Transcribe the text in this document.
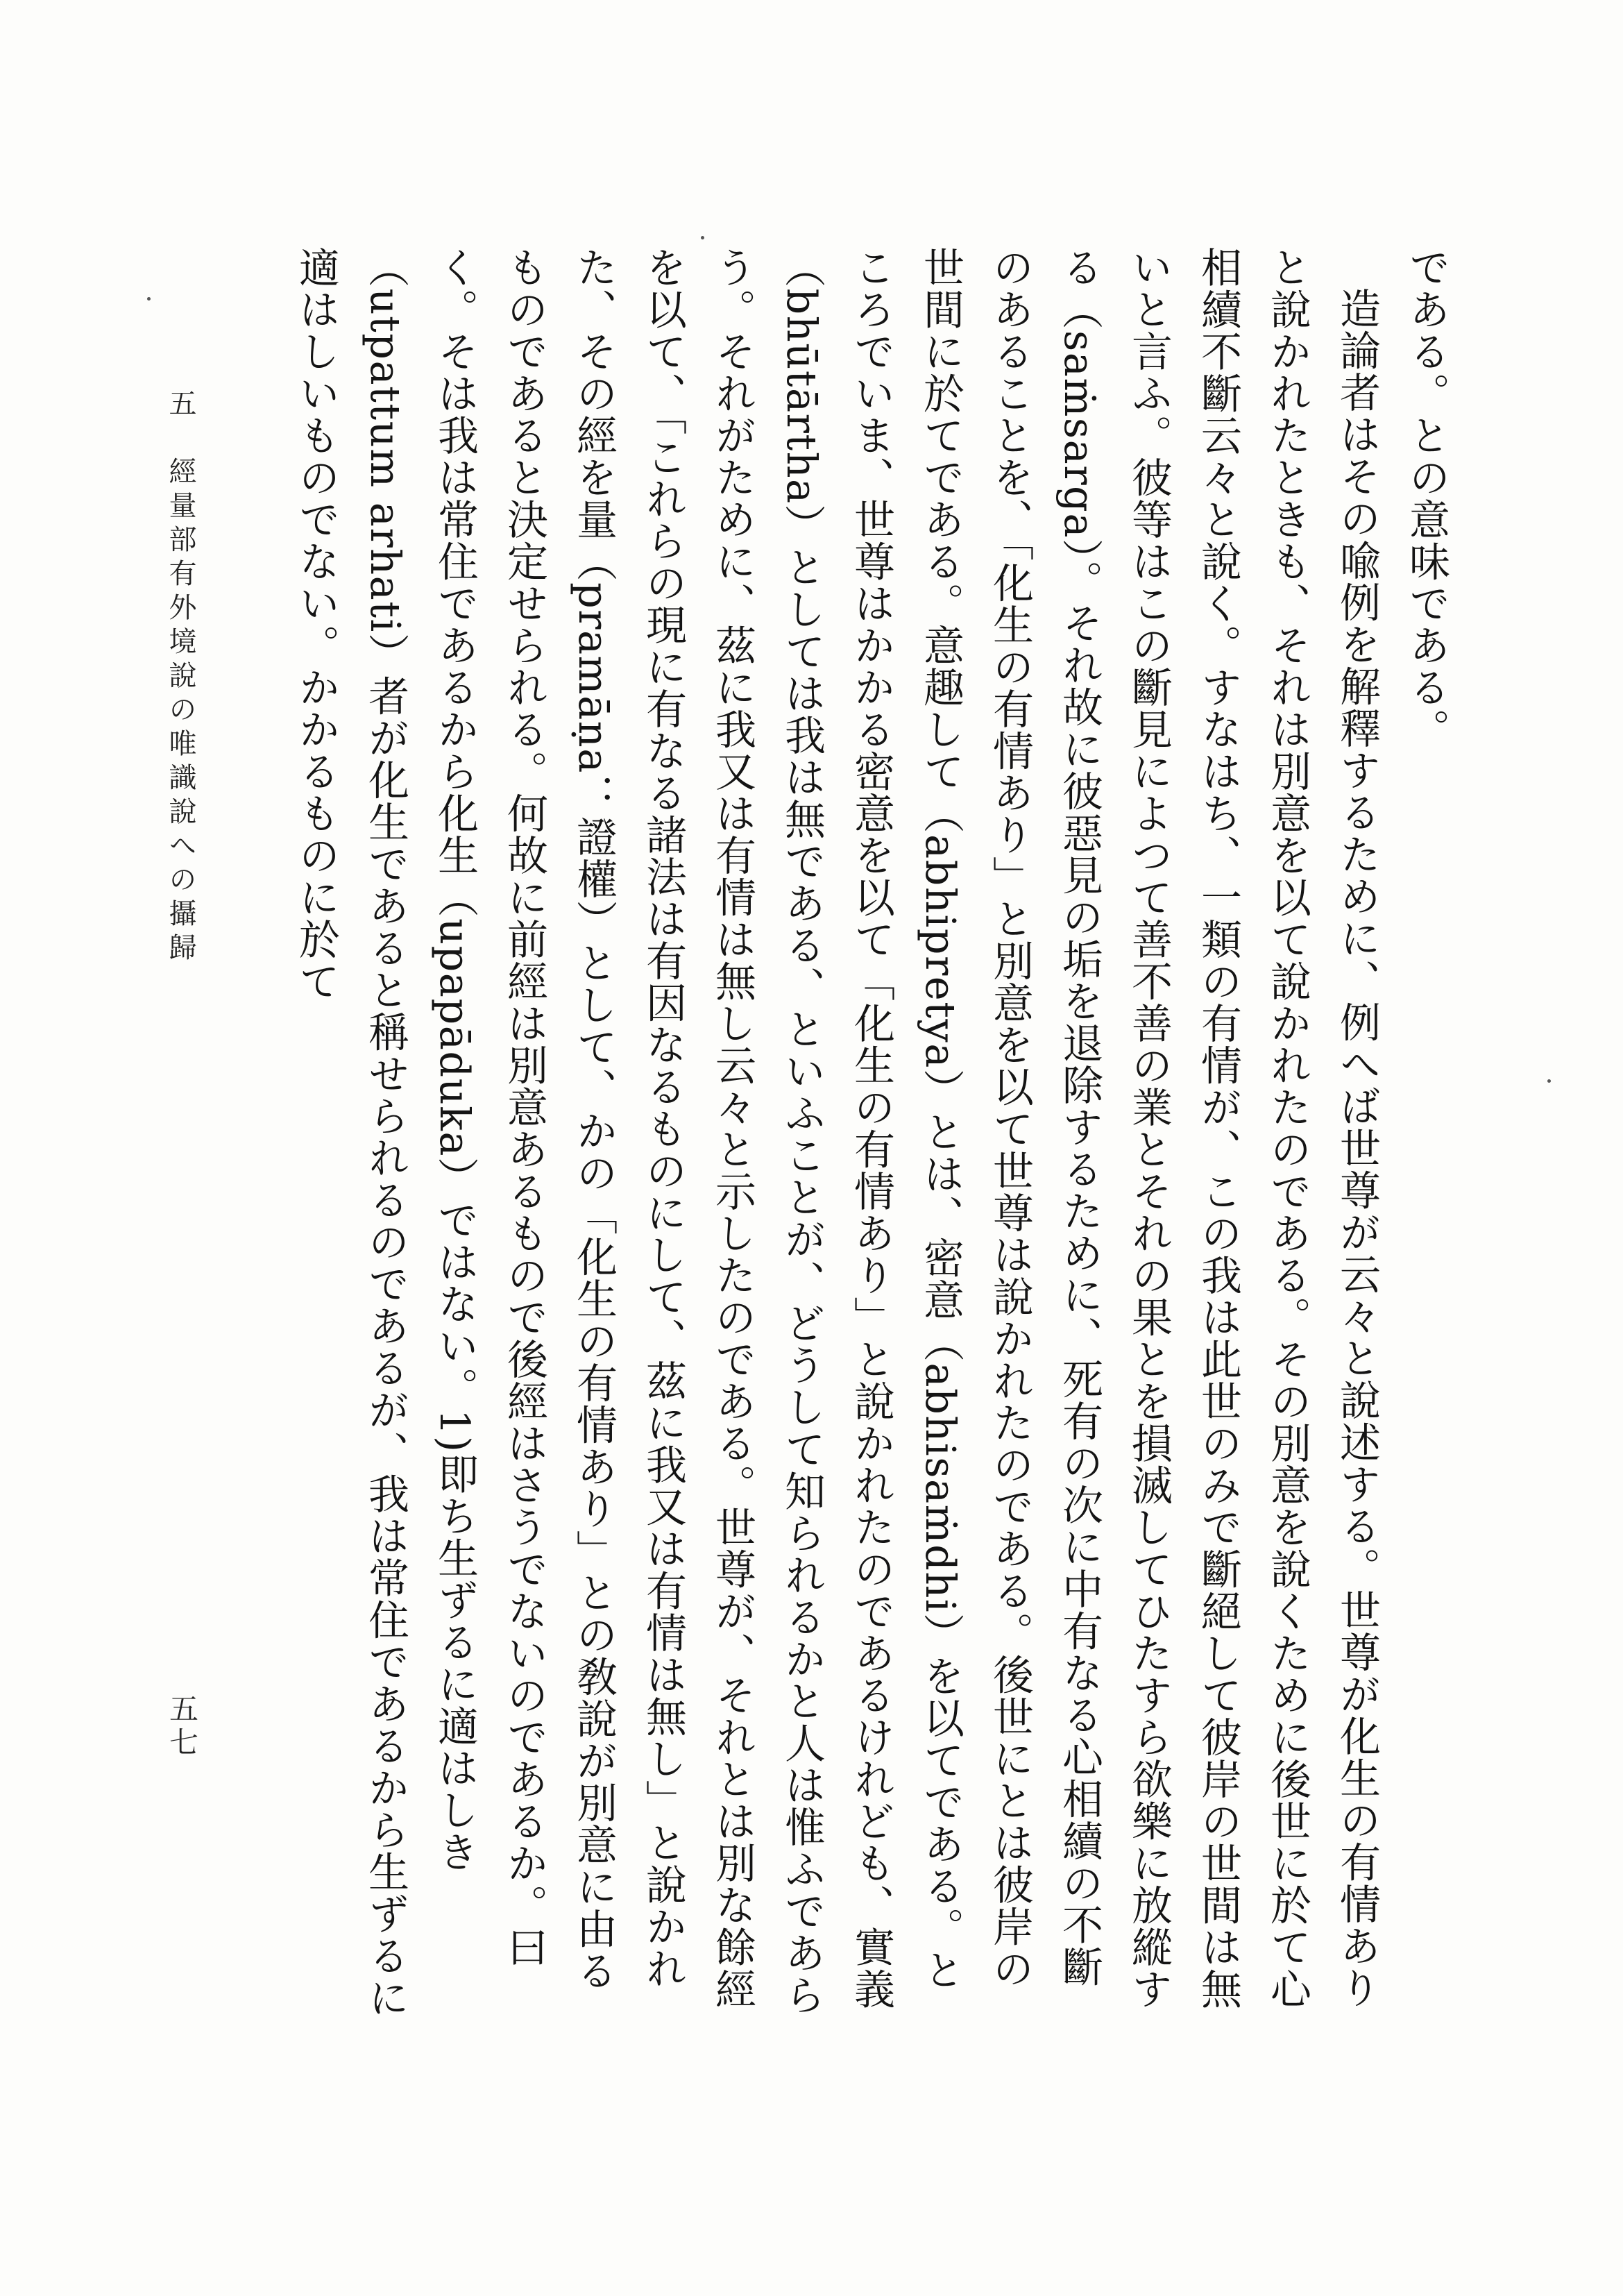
である。との意味である。

造論者はその喩例を解釋するために、例へば世尊が云々と說述する。世尊が化生の有情ありと說かれたときも、それは別意を以て說かれたのである。その別意を說くために後世に於て心相續不斷云々と說く。すなはち、一類の有情が、この我は此世のみで斷絕して彼岸の世間は無いと言ふ。彼等はこの斷見によつて善不善の業とそれの果とを損滅してひたすら欲樂に放縱する（saṁsarga）。それ故に彼惡見の垢を退除するために、死有の次に中有なる心相續の不斷のあることを、「化生の有情あり」と別意を以て世尊は說かれたのである。後世にとは彼岸の世間に於てである。意趣して（abhipretya）とは、密意（abhisaṁdhi）を以てである。ところでいま、世尊はかかる密意を以て「化生の有情あり」と說かれたのであるけれども、實義（bhūtārtha）としては我は無である、といふことが、どうして知られるかと人は惟ふであらう。それがために、茲に我又は有情は無し云々と示したのである。世尊が、それとは別な餘經を以て、「これらの現に有なる諸法は有因なるものにして、茲に我又は有情は無し」と說かれた、その經を量（pramāṇa：證權）として、かの「化生の有情あり」との敎說が別意に由るものであると決定せられる。何故に前經は別意あるもので後經はさうでないのであるか。曰く。そは我は常住であるから化生（upapāduka）ではない。1)即ち生ずるに適はしき（utpattum arhati）者が化生であると稱せられるのであるが、我は常住であるから生ずるに適はしいものでない。かかるものに於て

五　經量部有外境說の唯識說への攝歸
五七
